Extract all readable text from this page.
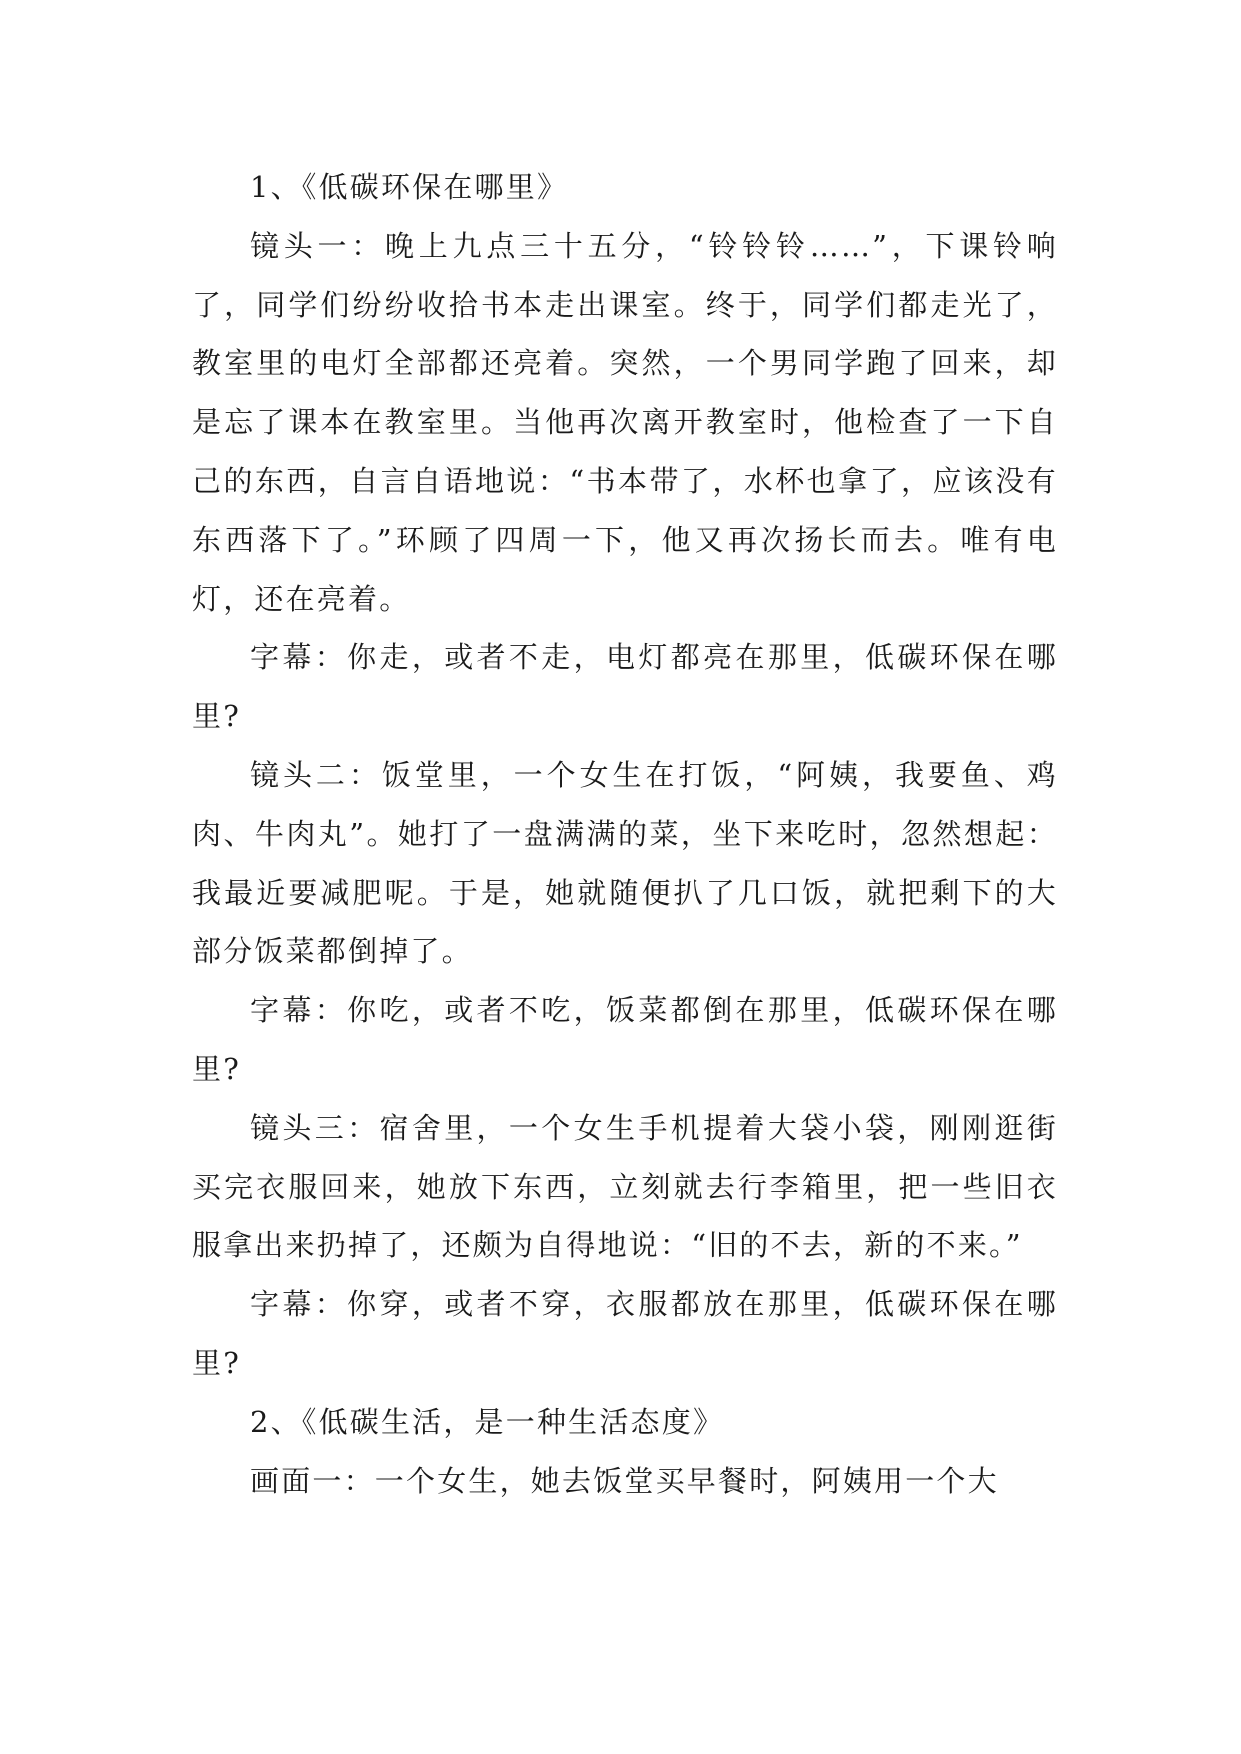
1、《低碳环保在哪里》

镜头一：晚上九点三十五分，“铃铃铃……”，下课铃响了，同学们纷纷收拾书本走出课室。终于，同学们都走光了，教室里的电灯全部都还亮着。突然，一个男同学跑了回来，却是忘了课本在教室里。当他再次离开教室时，他检查了一下自己的东西，自言自语地说：“书本带了，水杯也拿了，应该没有东西落下了。”环顾了四周一下，他又再次扬长而去。唯有电灯，还在亮着。

字幕：你走，或者不走，电灯都亮在那里，低碳环保在哪里?

镜头二：饭堂里，一个女生在打饭，“阿姨，我要鱼、鸡肉、牛肉丸”。她打了一盘满满的菜，坐下来吃时，忽然想起：我最近要减肥呢。于是，她就随便扒了几口饭，就把剩下的大部分饭菜都倒掉了。

字幕：你吃，或者不吃，饭菜都倒在那里，低碳环保在哪里?

镜头三：宿舍里，一个女生手机提着大袋小袋，刚刚逛街买完衣服回来，她放下东西，立刻就去行李箱里，把一些旧衣服拿出来扔掉了，还颇为自得地说：“旧的不去，新的不来。”

字幕：你穿，或者不穿，衣服都放在那里，低碳环保在哪里?

2、《低碳生活，是一种生活态度》

画面一：一个女生，她去饭堂买早餐时，阿姨用一个大
